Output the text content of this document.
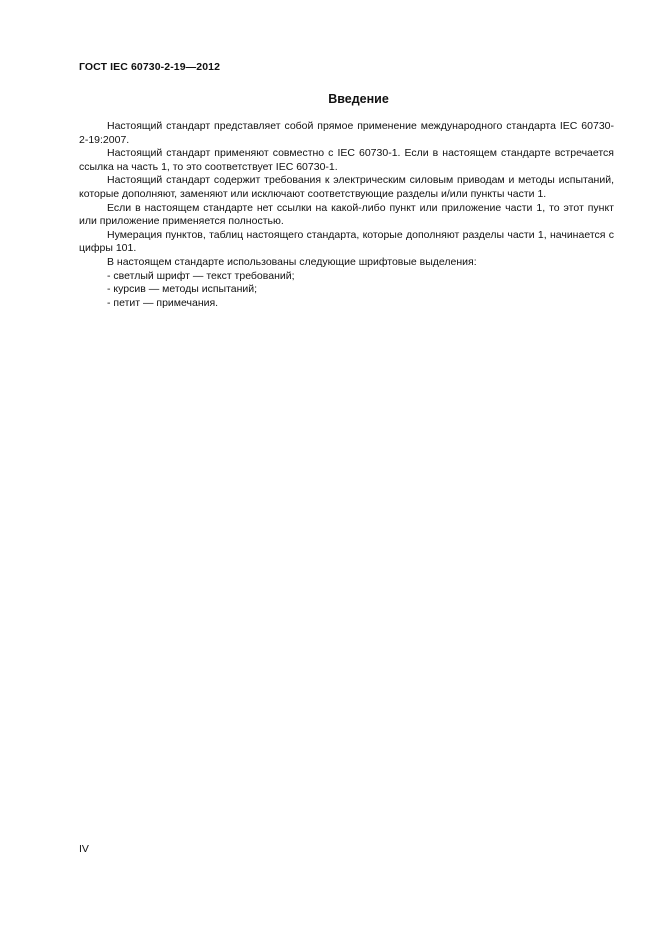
ГОСТ IEC 60730-2-19—2012
Введение

Настоящий стандарт представляет собой прямое применение международного стандарта IEC 60730-2-19:2007.

Настоящий стандарт применяют совместно с IEC 60730-1. Если в настоящем стандарте встречается ссылка на часть 1, то это соответствует IEC 60730-1.

Настоящий стандарт содержит требования к электрическим силовым приводам и методы испытаний, которые дополняют, заменяют или исключают соответствующие разделы и/или пункты части 1.

Если в настоящем стандарте нет ссылки на какой-либо пункт или приложение части 1, то этот пункт или приложение применяется полностью.

Нумерация пунктов, таблиц настоящего стандарта, которые дополняют разделы части 1, начинается с цифры 101.

В настоящем стандарте использованы следующие шрифтовые выделения:

- светлый шрифт — текст требований;

- курсив — методы испытаний;

- петит — примечания.

IV
